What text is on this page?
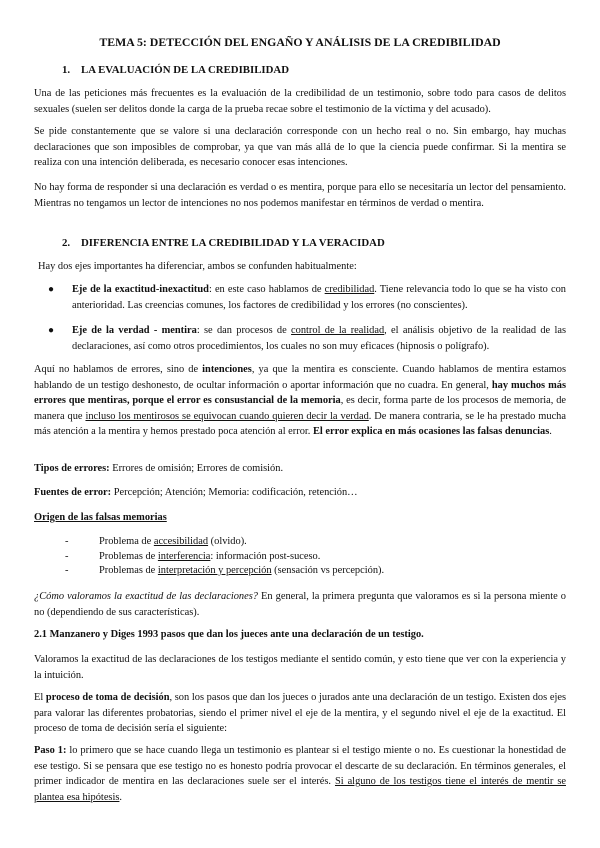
TEMA 5: DETECCIÓN DEL ENGAÑO Y ANÁLISIS DE LA CREDIBILIDAD
1. LA EVALUACIÓN DE LA CREDIBILIDAD

Una de las peticiones más frecuentes es la evaluación de la credibilidad de un testimonio, sobre todo para casos de delitos sexuales (suelen ser delitos donde la carga de la prueba recae sobre el testimonio de la víctima y del acusado).

Se pide constantemente que se valore si una declaración corresponde con un hecho real o no. Sin embargo, hay muchas declaraciones que son imposibles de comprobar, ya que van más allá de lo que la ciencia puede confirmar. Si la mentira se realiza con una intención deliberada, es necesario conocer esas intenciones.

No hay forma de responder si una declaración es verdad o es mentira, porque para ello se necesitaría un lector del pensamiento. Mientras no tengamos un lector de intenciones no nos podemos manifestar en términos de verdad o mentira.

2. DIFERENCIA ENTRE LA CREDIBILIDAD Y LA VERACIDAD

Hay dos ejes importantes ha diferenciar, ambos se confunden habitualmente:

● Eje de la exactitud-inexactitud: en este caso hablamos de credibilidad. Tiene relevancia todo lo que se ha visto con anterioridad. Las creencias comunes, los factores de credibilidad y los errores (no conscientes).
● Eje de la verdad - mentira: se dan procesos de control de la realidad, el análisis objetivo de la realidad de las declaraciones, así como otros procedimientos, los cuales no son muy eficaces (hipnosis o polígrafo).

Aquí no hablamos de errores, sino de intenciones, ya que la mentira es consciente. Cuando hablamos de mentira estamos hablando de un testigo deshonesto, de ocultar información o aportar información que no cuadra. En general, hay muchos más errores que mentiras, porque el error es consustancial de la memoria, es decir, forma parte de los procesos de memoria, de manera que incluso los mentirosos se equivocan cuando quieren decir la verdad. De manera contraria, se le ha prestado mucha más atención a la mentira y hemos prestado poca atención al error. El error explica en más ocasiones las falsas denuncias.

Tipos de errores: Errores de omisión; Errores de comisión.

Fuentes de error: Percepción; Atención; Memoria: codificación, retención…

Origen de las falsas memorias
-	Problema de accesibilidad (olvido).
-	Problemas de interferencia: información post-suceso.
-	Problemas de interpretación y percepción (sensación vs percepción).

¿Cómo valoramos la exactitud de las declaraciones? En general, la primera pregunta que valoramos es si la persona miente o no (dependiendo de sus características).

2.1 Manzanero y Diges 1993 pasos que dan los jueces ante una declaración de un testigo.

Valoramos la exactitud de las declaraciones de los testigos mediante el sentido común, y esto tiene que ver con la experiencia y la intuición.

El proceso de toma de decisión, son los pasos que dan los jueces o jurados ante una declaración de un testigo. Existen dos ejes para valorar las diferentes probatorias, siendo el primer nivel el eje de la mentira, y el segundo nivel el eje de la exactitud. El proceso de toma de decisión sería el siguiente:

Paso 1: lo primero que se hace cuando llega un testimonio es plantear si el testigo miente o no. Es cuestionar la honestidad de ese testigo. Si se pensara que ese testigo no es honesto podría provocar el descarte de su declaración. En términos generales, el primer indicador de mentira en las declaraciones suele ser el interés. Si alguno de los testigos tiene el interés de mentir se plantea esa hipótesis.
